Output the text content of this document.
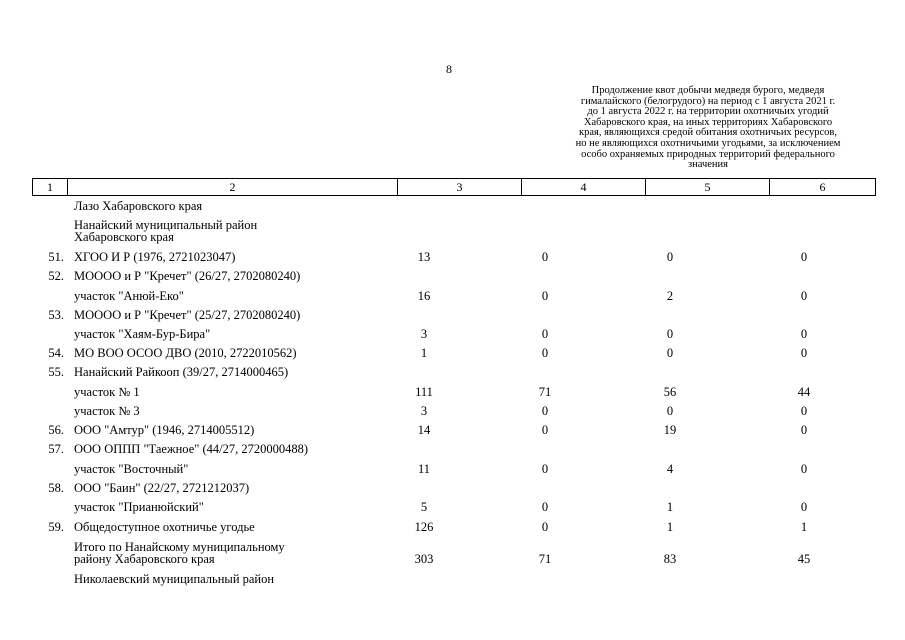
8
Продолжение квот добычи медведя бурого, медведя
гималайского (белогрудого) на период с 1 августа 2021 г.
до 1 августа 2022 г. на территории охотничьих угодий
Хабаровского края, на иных территориях Хабаровского
края, являющихся средой обитания охотничьих ресурсов,
но не являющихся охотничьими угодьями, за исключением
особо охраняемых природных территорий федерального
значения
1	2	3	4	5	6
Лазо Хабаровского края
Нанайский муниципальный район
Хабаровского края
51. ХГОО И Р (1976, 2721023047)	13	0	0	0
52. МОООО и Р "Кречет" (26/27, 2702080240)
участок "Анюй-Еко"	16	0	2	0
53. МОООО и Р "Кречет" (25/27, 2702080240)
участок "Хаям-Бур-Бира"	3	0	0	0
54. МО ВОО ОСОО ДВО (2010, 2722010562)	1	0	0	0
55. Нанайский Райкооп (39/27, 2714000465)
участок № 1	111	71	56	44
участок № 3	3	0	0	0
56. ООО "Амтур" (1946, 2714005512)	14	0	19	0
57. ООО ОППП "Таежное" (44/27, 2720000488)
участок "Восточный"	11	0	4	0
58. ООО "Баин" (22/27, 2721212037)
участок "Прианюйский"	5	0	1	0
59. Общедоступное охотничье угодье	126	0	1	1
Итого по Нанайскому муниципальному
району Хабаровского края	303	71	83	45
Николаевский муниципальный район
